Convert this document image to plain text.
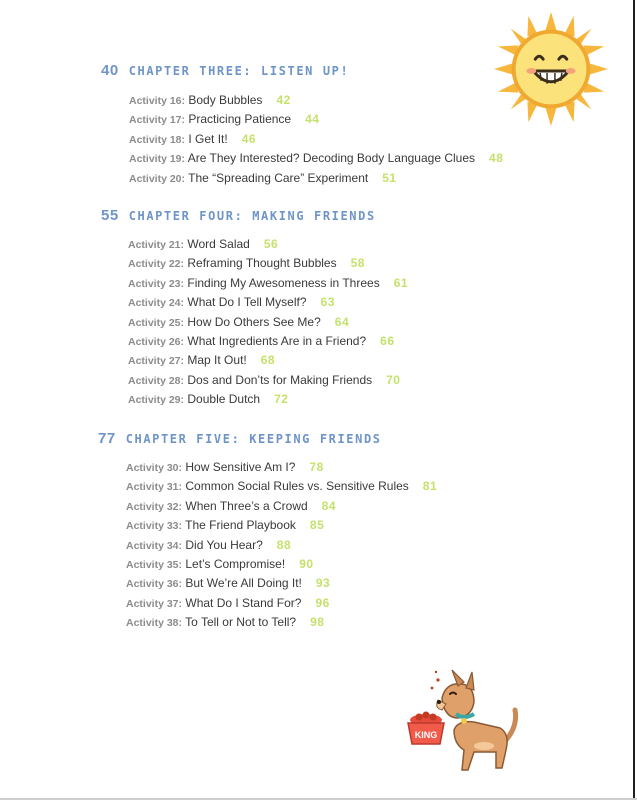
40 CHAPTER THREE: LISTEN UP!
Activity 16: Body Bubbles 42
Activity 17: Practicing Patience 44
Activity 18: I Get It! 46
Activity 19: Are They Interested? Decoding Body Language Clues 48
Activity 20: The “Spreading Care” Experiment 51
55 CHAPTER FOUR: MAKING FRIENDS
Activity 21: Word Salad 56
Activity 22: Reframing Thought Bubbles 58
Activity 23: Finding My Awesomeness in Threes 61
Activity 24: What Do I Tell Myself? 63
Activity 25: How Do Others See Me? 64
Activity 26: What Ingredients Are in a Friend? 66
Activity 27: Map It Out! 68
Activity 28: Dos and Don’ts for Making Friends 70
Activity 29: Double Dutch 72
77 CHAPTER FIVE: KEEPING FRIENDS
Activity 30: How Sensitive Am I? 78
Activity 31: Common Social Rules vs. Sensitive Rules 81
Activity 32: When Three’s a Crowd 84
Activity 33: The Friend Playbook 85
Activity 34: Did You Hear? 88
Activity 35: Let’s Compromise! 90
Activity 36: But We’re All Doing It! 93
Activity 37: What Do I Stand For? 96
Activity 38: To Tell or Not to Tell? 98
KING
